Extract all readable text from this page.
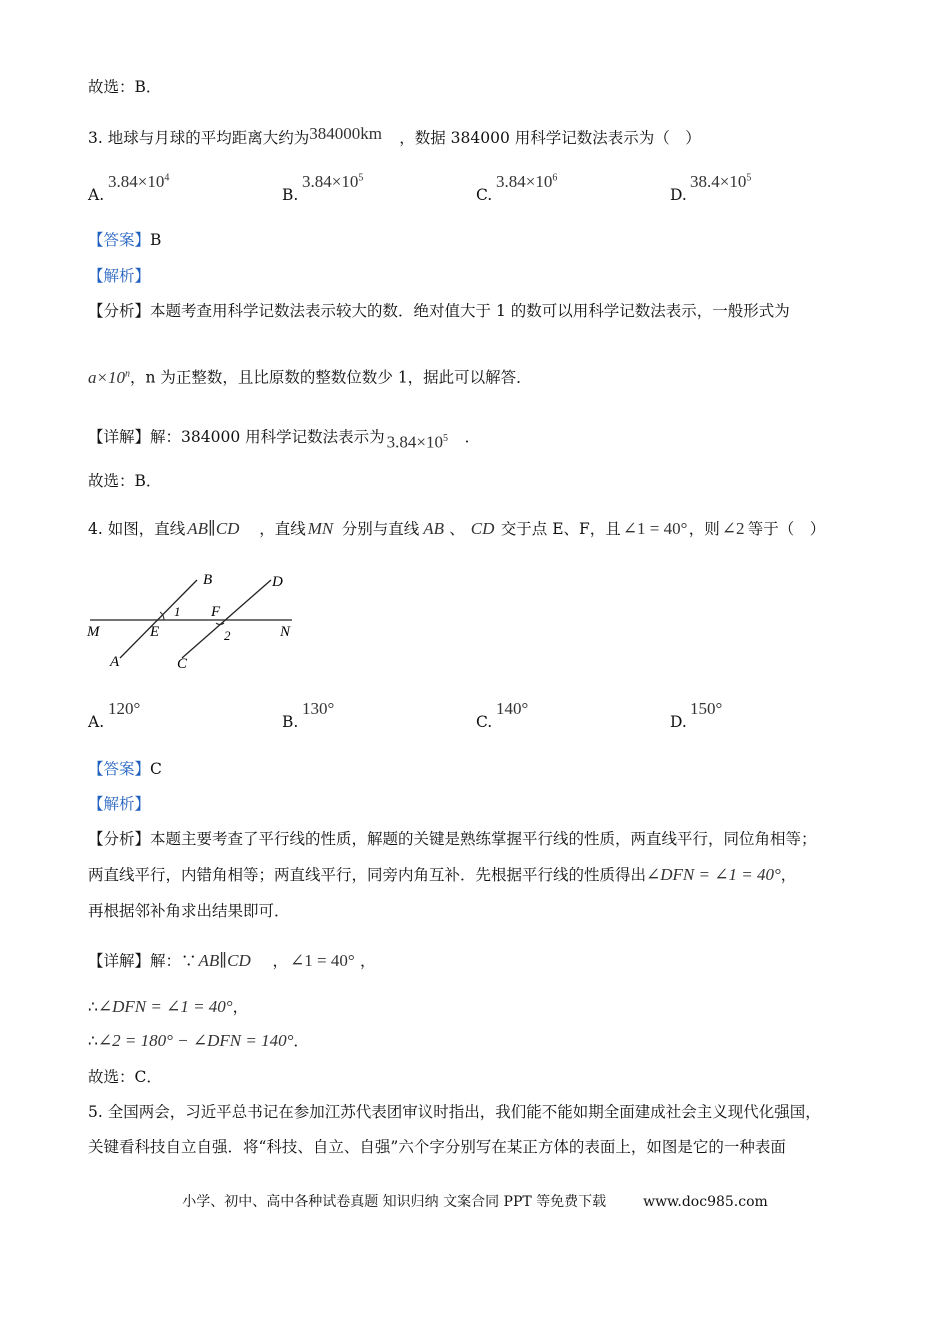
故选：B．
3. 地球与月球的平均距离大约为 384000km ，数据 384000 用科学记数法表示为（　）
A.
$3.84\times 10^4$
B.
$3.84\times 10^5$
C.
$3.84\times 10^6$
D.
$38.4\times 10^5$
【答案】B
【解析】
【分析】本题考查用科学记数法表示较大的数．绝对值大于 1 的数可以用科学记数法表示，一般形式为
$a\times 10^n$，n 为正整数，且比原数的整数位数少 1，据此可以解答．
【详解】解：384000 用科学记数法表示为 $3.84\times 10^5$ ．
故选：B．
4. 如图，直线 AB∥CD ，直线 MN 分别与直线 AB 、 CD 交于点 E、F，且 ∠1 = 40° ，则 ∠2 等于（　）
B	D
1 F
M	E	2	N
A	C
A.
120°
B.
130°
C.
140°
D.
150°
【答案】C
【解析】
【分析】本题主要考查了平行线的性质，解题的关键是熟练掌握平行线的性质，两直线平行，同位角相等；
两直线平行，内错角相等；两直线平行，同旁内角互补．先根据平行线的性质得出∠DFN = ∠1 = 40°，
再根据邻补角求出结果即可．
【详解】解：∵ AB∥CD ， ∠1 = 40° ，
∴∠DFN = ∠1 = 40°，
∴∠2 = 180° − ∠DFN = 140°．
故选：C．
5. 全国两会，习近平总书记在参加江苏代表团审议时指出，我们能不能如期全面建成社会主义现代化强国，
关键看科技自立自强．将“科技、自立、自强”六个字分别写在某正方体的表面上，如图是它的一种表面
小学、初中、高中各种试卷真题 知识归纳 文案合同 PPT 等免费下载	www.doc985.com
